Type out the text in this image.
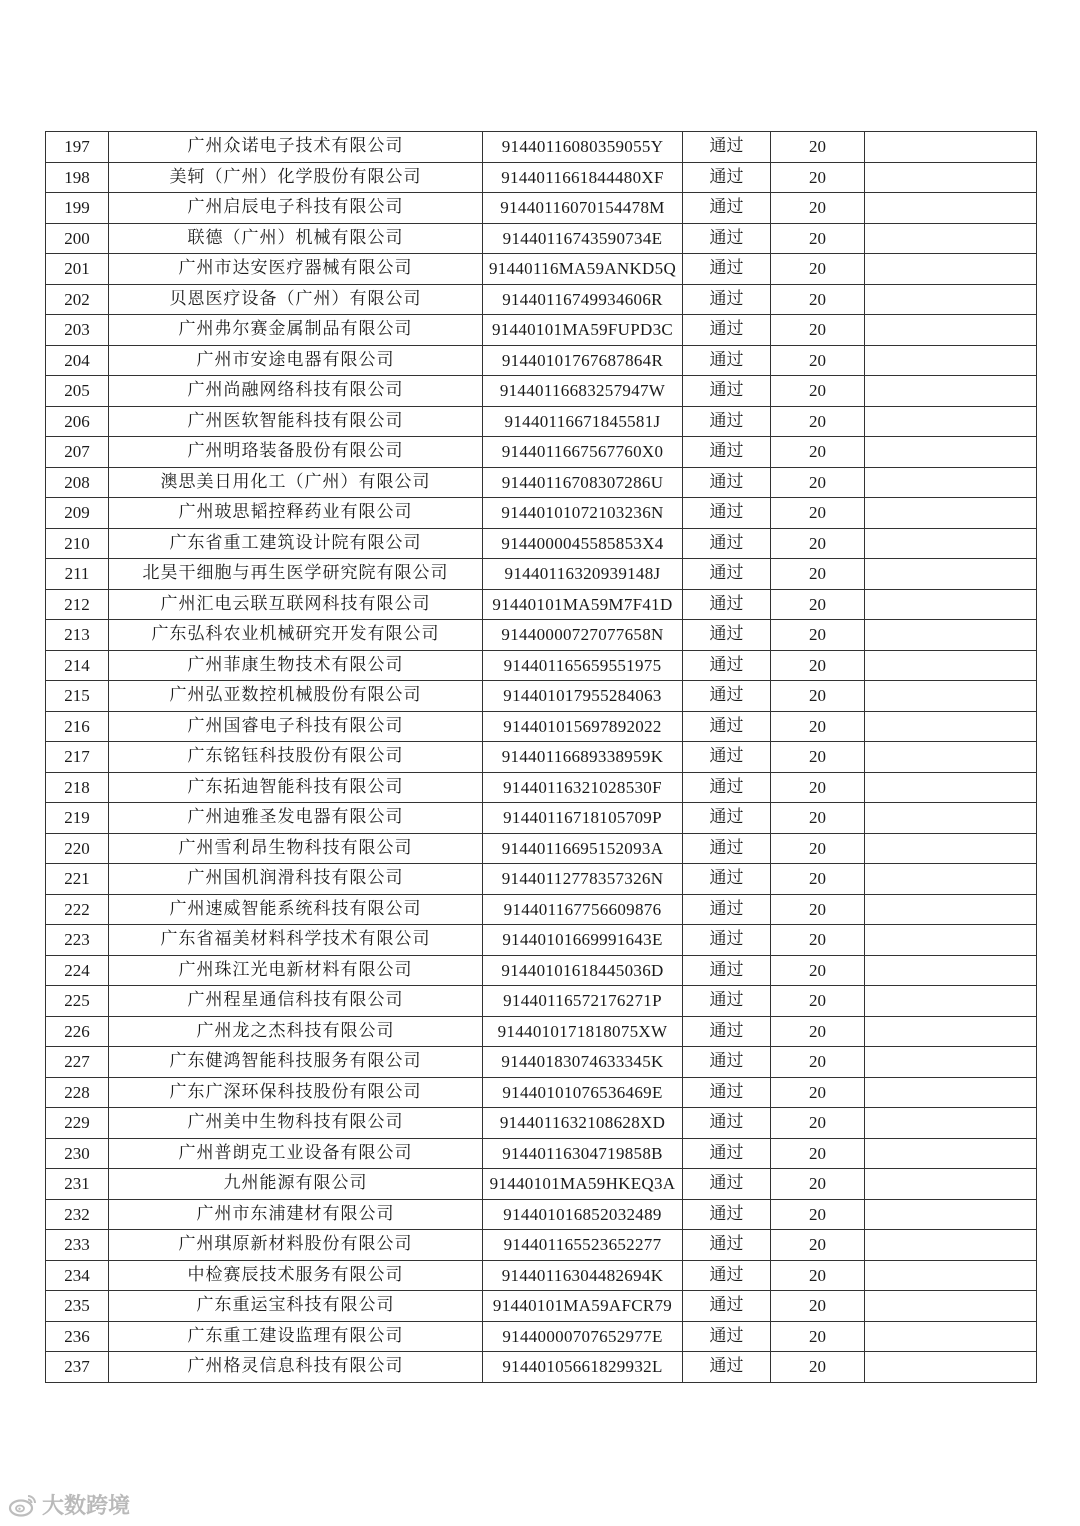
197	广州众诺电子技术有限公司	91440116080359055Y	通过	20	
198	美轲（广州）化学股份有限公司	9144011661844480XF	通过	20	
199	广州启辰电子科技有限公司	91440116070154478M	通过	20	
200	联德（广州）机械有限公司	91440116743590734E	通过	20	
201	广州市达安医疗器械有限公司	91440116MA59ANKD5Q	通过	20	
202	贝恩医疗设备（广州）有限公司	91440116749934606R	通过	20	
203	广州弗尔赛金属制品有限公司	91440101MA59FUPD3C	通过	20	
204	广州市安途电器有限公司	91440101767687864R	通过	20	
205	广州尚融网络科技有限公司	91440116683257947W	通过	20	
206	广州医软智能科技有限公司	91440116671845581J	通过	20	
207	广州明珞装备股份有限公司	9144011667567760X0	通过	20	
208	澳思美日用化工（广州）有限公司	91440116708307286U	通过	20	
209	广州玻思韬控释药业有限公司	91440101072103236N	通过	20	
210	广东省重工建筑设计院有限公司	9144000045585853X4	通过	20	
211	北昊干细胞与再生医学研究院有限公司	91440116320939148J	通过	20	
212	广州汇电云联互联网科技有限公司	91440101MA59M7F41D	通过	20	
213	广东弘科农业机械研究开发有限公司	91440000727077658N	通过	20	
214	广州菲康生物技术有限公司	914401165659551975	通过	20	
215	广州弘亚数控机械股份有限公司	914401017955284063	通过	20	
216	广州国睿电子科技有限公司	914401015697892022	通过	20	
217	广东铭钰科技股份有限公司	91440116689338959K	通过	20	
218	广东拓迪智能科技有限公司	91440116321028530F	通过	20	
219	广州迪雅圣发电器有限公司	91440116718105709P	通过	20	
220	广州雪利昂生物科技有限公司	91440116695152093A	通过	20	
221	广州国机润滑科技有限公司	91440112778357326N	通过	20	
222	广州速威智能系统科技有限公司	914401167756609876	通过	20	
223	广东省福美材料科学技术有限公司	91440101669991643E	通过	20	
224	广州珠江光电新材料有限公司	91440101618445036D	通过	20	
225	广州程星通信科技有限公司	91440116572176271P	通过	20	
226	广州龙之杰科技有限公司	9144010171818075XW	通过	20	
227	广东健鸿智能科技服务有限公司	91440183074633345K	通过	20	
228	广东广深环保科技股份有限公司	91440101076536469E	通过	20	
229	广州美中生物科技有限公司	9144011632108628XD	通过	20	
230	广州普朗克工业设备有限公司	91440116304719858B	通过	20	
231	九州能源有限公司	91440101MA59HKEQ3A	通过	20	
232	广州市东浦建材有限公司	914401016852032489	通过	20	
233	广州琪原新材料股份有限公司	914401165523652277	通过	20	
234	中检赛辰技术服务有限公司	91440116304482694K	通过	20	
235	广东重运宝科技有限公司	91440101MA59AFCR79	通过	20	
236	广东重工建设监理有限公司	91440000707652977E	通过	20	
237	广州格灵信息科技有限公司	91440105661829932L	通过	20	
大数跨境
